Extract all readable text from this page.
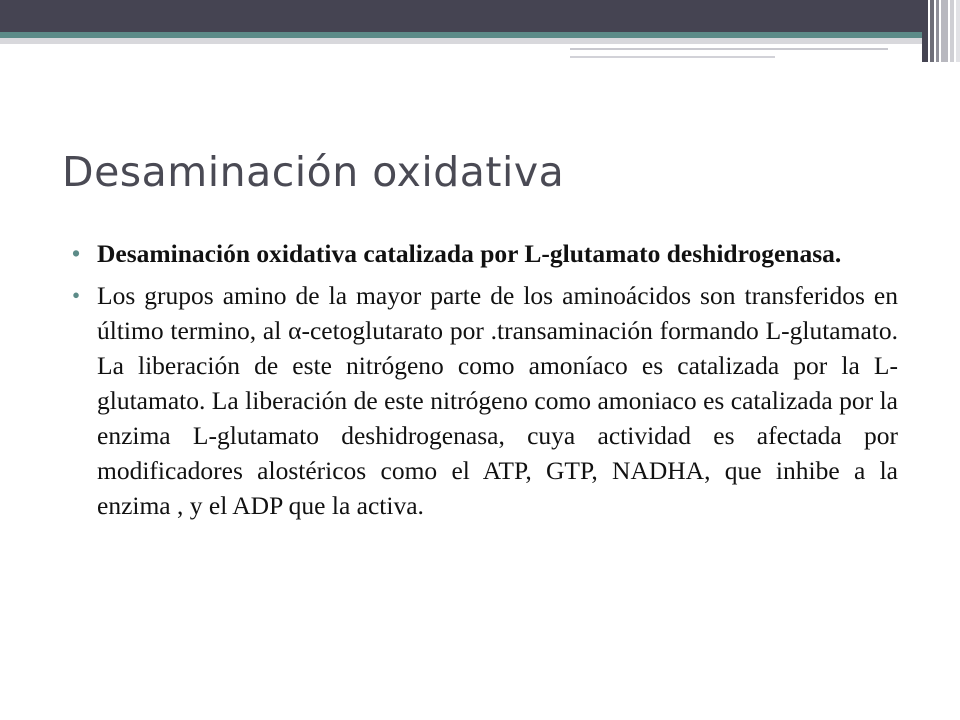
Desaminación oxidativa

• Desaminación oxidativa catalizada por L-glutamato deshidrogenasa.

• Los grupos amino de la mayor parte de los aminoácidos son transferidos en último termino, al α-cetoglutarato por .transaminación formando L-glutamato. La liberación de este nitrógeno como amoníaco es catalizada por la L-glutamato. La liberación de este nitrógeno como amoniaco es catalizada por la enzima L-glutamato deshidrogenasa, cuya actividad es afectada por modificadores alostéricos como el ATP, GTP, NADHA, que inhibe a la enzima , y el ADP que la activa.
